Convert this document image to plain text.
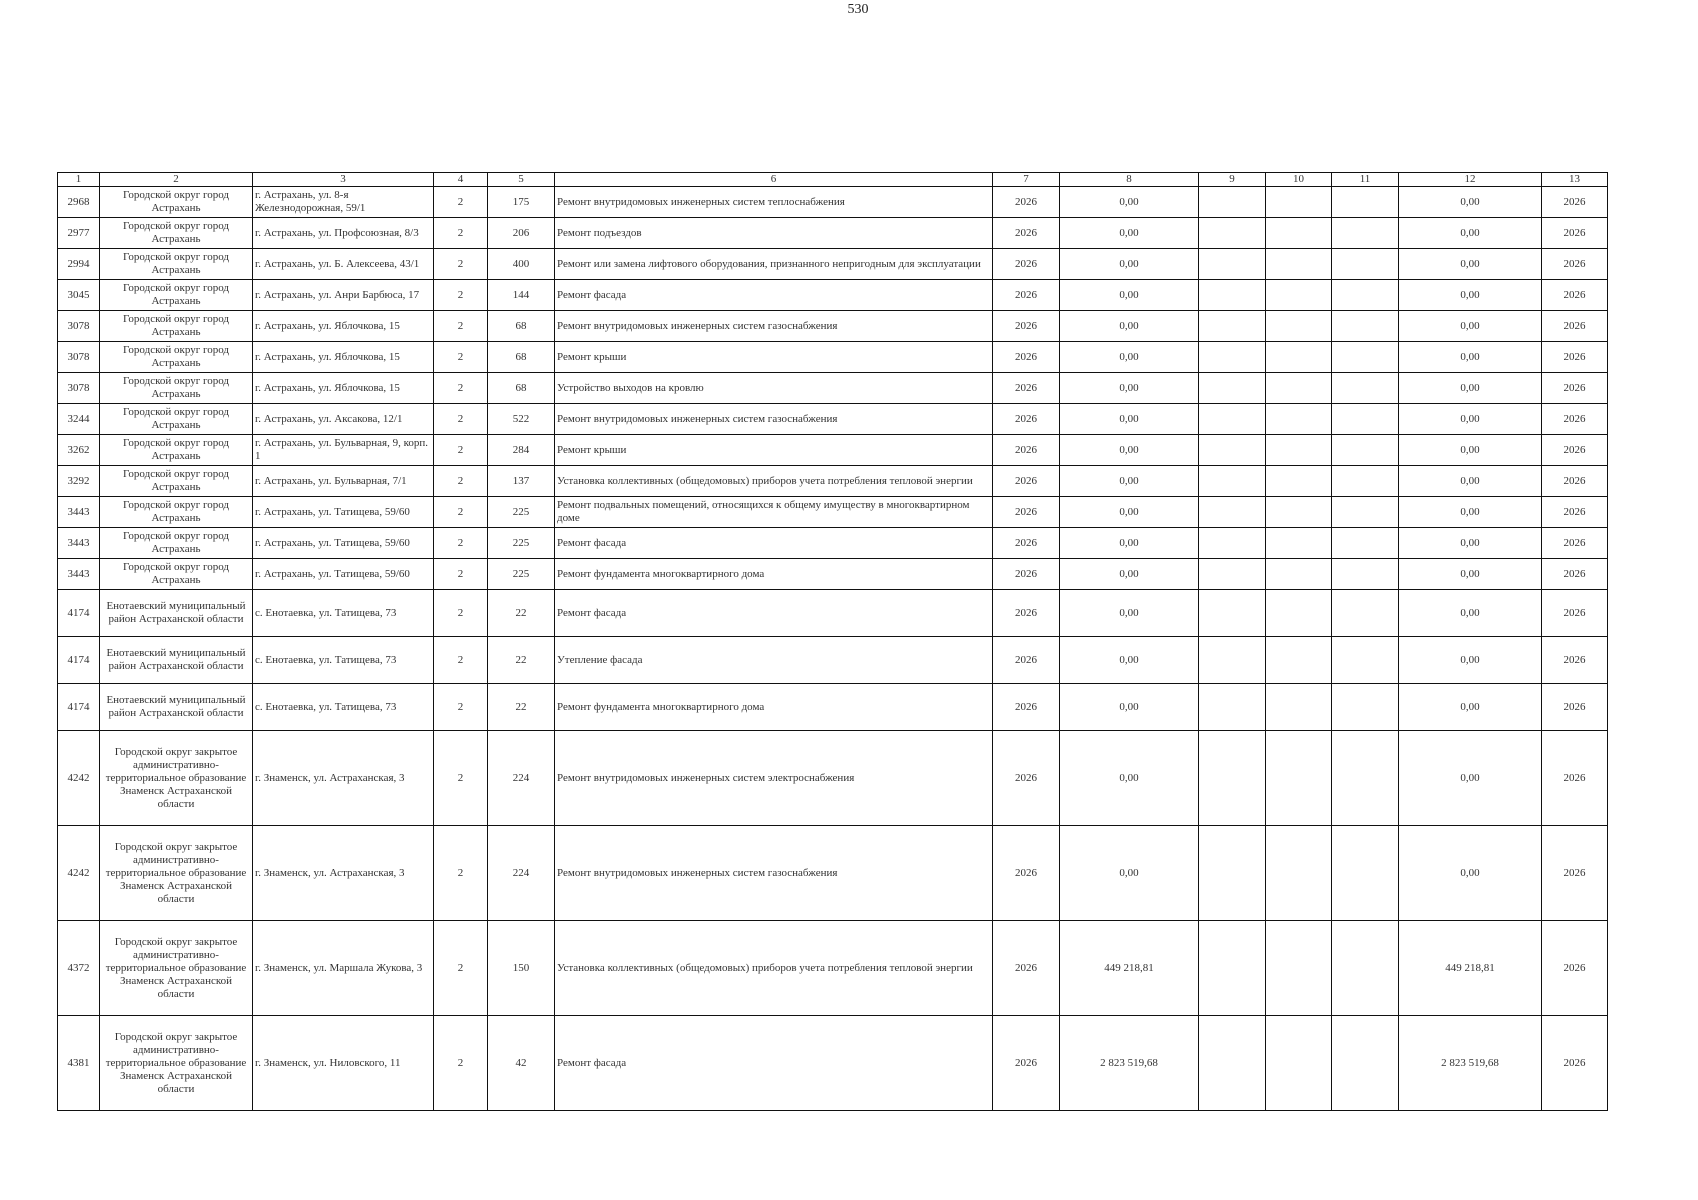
530
1	2	3	4	5	6	7	8	9	10	11	12	13
2968	Городской округ город Астрахань	г. Астрахань, ул. 8-я Железнодорожная, 59/1	2	175	Ремонт внутридомовых инженерных систем теплоснабжения	2026	0,00				0,00	2026
2977	Городской округ город Астрахань	г. Астрахань, ул. Профсоюзная, 8/3	2	206	Ремонт подъездов	2026	0,00				0,00	2026
2994	Городской округ город Астрахань	г. Астрахань, ул. Б. Алексеева, 43/1	2	400	Ремонт или замена лифтового оборудования, признанного непригодным для эксплуатации	2026	0,00				0,00	2026
3045	Городской округ город Астрахань	г. Астрахань, ул. Анри Барбюса, 17	2	144	Ремонт фасада	2026	0,00				0,00	2026
3078	Городской округ город Астрахань	г. Астрахань, ул. Яблочкова, 15	2	68	Ремонт внутридомовых инженерных систем газоснабжения	2026	0,00				0,00	2026
3078	Городской округ город Астрахань	г. Астрахань, ул. Яблочкова, 15	2	68	Ремонт крыши	2026	0,00				0,00	2026
3078	Городской округ город Астрахань	г. Астрахань, ул. Яблочкова, 15	2	68	Устройство выходов на кровлю	2026	0,00				0,00	2026
3244	Городской округ город Астрахань	г. Астрахань, ул. Аксакова, 12/1	2	522	Ремонт внутридомовых инженерных систем газоснабжения	2026	0,00				0,00	2026
3262	Городской округ город Астрахань	г. Астрахань, ул. Бульварная, 9, корп. 1	2	284	Ремонт крыши	2026	0,00				0,00	2026
3292	Городской округ город Астрахань	г. Астрахань, ул. Бульварная, 7/1	2	137	Установка коллективных (общедомовых) приборов учета потребления тепловой энергии	2026	0,00				0,00	2026
3443	Городской округ город Астрахань	г. Астрахань, ул. Татищева, 59/60	2	225	Ремонт подвальных помещений, относящихся к общему имуществу в многоквартирном доме	2026	0,00				0,00	2026
3443	Городской округ город Астрахань	г. Астрахань, ул. Татищева, 59/60	2	225	Ремонт фасада	2026	0,00				0,00	2026
3443	Городской округ город Астрахань	г. Астрахань, ул. Татищева, 59/60	2	225	Ремонт фундамента многоквартирного дома	2026	0,00				0,00	2026
4174	Енотаевский муниципальный район Астраханской области	с. Енотаевка, ул. Татищева, 73	2	22	Ремонт фасада	2026	0,00				0,00	2026
4174	Енотаевский муниципальный район Астраханской области	с. Енотаевка, ул. Татищева, 73	2	22	Утепление фасада	2026	0,00				0,00	2026
4174	Енотаевский муниципальный район Астраханской области	с. Енотаевка, ул. Татищева, 73	2	22	Ремонт фундамента многоквартирного дома	2026	0,00				0,00	2026
4242	Городской округ закрытое административно-территориальное образование Знаменск Астраханской области	г. Знаменск, ул. Астраханская, 3	2	224	Ремонт внутридомовых инженерных систем электроснабжения	2026	0,00				0,00	2026
4242	Городской округ закрытое административно-территориальное образование Знаменск Астраханской области	г. Знаменск, ул. Астраханская, 3	2	224	Ремонт внутридомовых инженерных систем газоснабжения	2026	0,00				0,00	2026
4372	Городской округ закрытое административно-территориальное образование Знаменск Астраханской области	г. Знаменск, ул. Маршала Жукова, 3	2	150	Установка коллективных (общедомовых) приборов учета потребления тепловой энергии	2026	449 218,81				449 218,81	2026
4381	Городской округ закрытое административно-территориальное образование Знаменск Астраханской области	г. Знаменск, ул. Ниловского, 11	2	42	Ремонт фасада	2026	2 823 519,68				2 823 519,68	2026
